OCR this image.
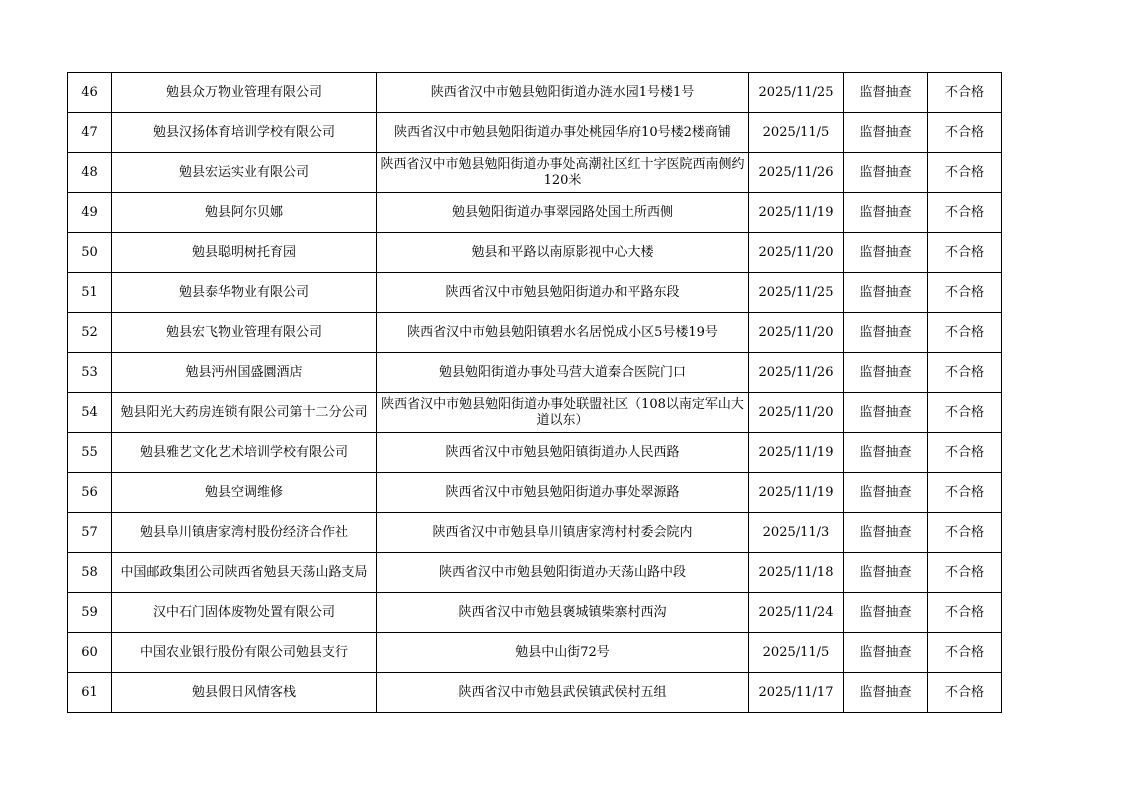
46	勉县众万物业管理有限公司	陕西省汉中市勉县勉阳街道办涟水园1号楼1号	2025/11/25	监督抽查	不合格
47	勉县汉扬体育培训学校有限公司	陕西省汉中市勉县勉阳街道办事处桃园华府10号楼2楼商铺	2025/11/5	监督抽查	不合格
48	勉县宏运实业有限公司	陕西省汉中市勉县勉阳街道办事处高潮社区红十字医院西南侧约120米	2025/11/26	监督抽查	不合格
49	勉县阿尔贝娜	勉县勉阳街道办事翠园路处国土所西侧	2025/11/19	监督抽查	不合格
50	勉县聪明树托育园	勉县和平路以南原影视中心大楼	2025/11/20	监督抽查	不合格
51	勉县泰华物业有限公司	陕西省汉中市勉县勉阳街道办和平路东段	2025/11/25	监督抽查	不合格
52	勉县宏飞物业管理有限公司	陕西省汉中市勉县勉阳镇碧水名居悦成小区5号楼19号	2025/11/20	监督抽查	不合格
53	勉县沔州国盛圜酒店	勉县勉阳街道办事处马营大道秦合医院门口	2025/11/26	监督抽查	不合格
54	勉县阳光大药房连锁有限公司第十二分公司	陕西省汉中市勉县勉阳街道办事处联盟社区（108以南定军山大道以东）	2025/11/20	监督抽查	不合格
55	勉县雅艺文化艺术培训学校有限公司	陕西省汉中市勉县勉阳镇街道办人民西路	2025/11/19	监督抽查	不合格
56	勉县空调维修	陕西省汉中市勉县勉阳街道办事处翠源路	2025/11/19	监督抽查	不合格
57	勉县阜川镇唐家湾村股份经济合作社	陕西省汉中市勉县阜川镇唐家湾村村委会院内	2025/11/3	监督抽查	不合格
58	中国邮政集团公司陕西省勉县天荡山路支局	陕西省汉中市勉县勉阳街道办天荡山路中段	2025/11/18	监督抽查	不合格
59	汉中石门固体废物处置有限公司	陕西省汉中市勉县褒城镇柴寨村西沟	2025/11/24	监督抽查	不合格
60	中国农业银行股份有限公司勉县支行	勉县中山街72号	2025/11/5	监督抽查	不合格
61	勉县假日风情客栈	陕西省汉中市勉县武侯镇武侯村五组	2025/11/17	监督抽查	不合格
